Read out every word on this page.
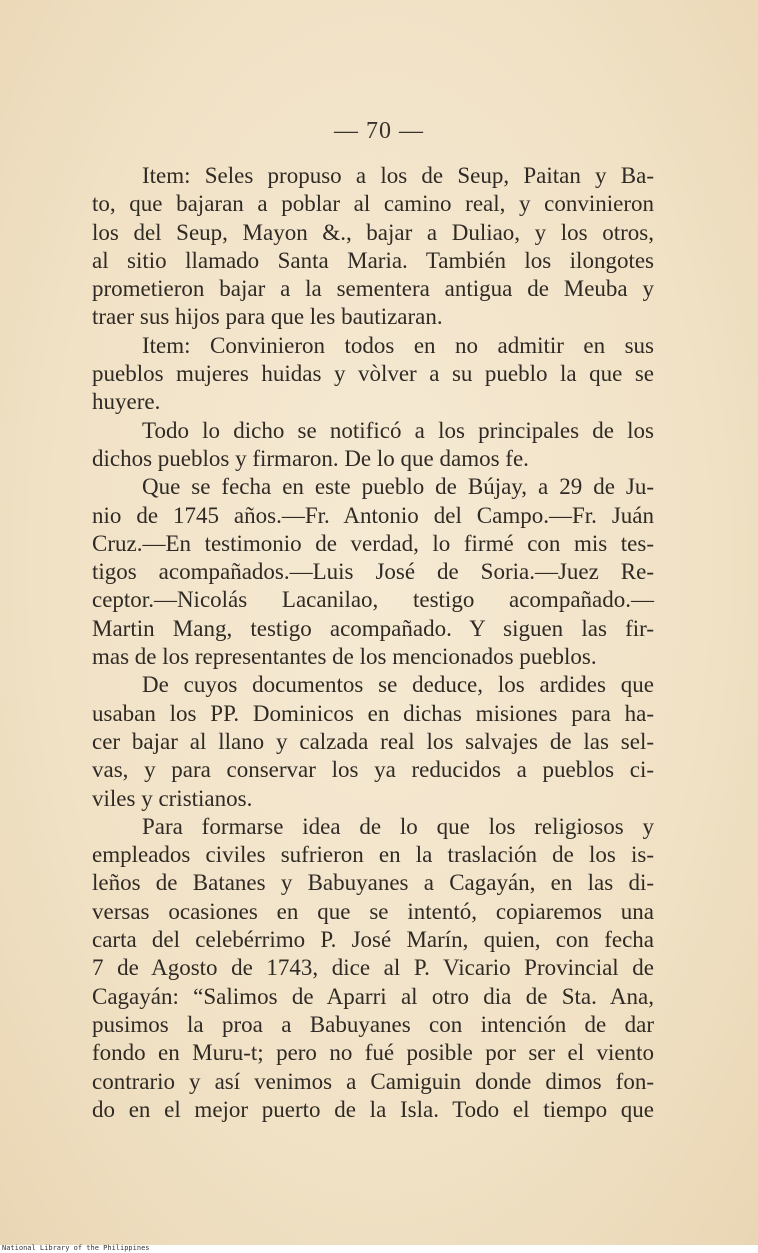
— 70 —
Item: Seles propuso a los de Seup, Paitan y Ba-
to, que bajaran a poblar al camino real, y convinieron
los del Seup, Mayon &., bajar a Duliao, y los otros,
al sitio llamado Santa Maria. También los ilongotes
prometieron bajar a la sementera antigua de Meuba y
traer sus hijos para que les bautizaran.
Item: Convinieron todos en no admitir en sus
pueblos mujeres huidas y vòlver a su pueblo la que se
huyere.
Todo lo dicho se notificó a los principales de los
dichos pueblos y firmaron. De lo que damos fe.
Que se fecha en este pueblo de Bújay, a 29 de Ju-
nio de 1745 años.—Fr. Antonio del Campo.—Fr. Juán
Cruz.—En testimonio de verdad, lo firmé con mis tes-
tigos acompañados.—Luis José de Soria.—Juez Re-
ceptor.—Nicolás Lacanilao, testigo acompañado.—
Martin Mang, testigo acompañado. Y siguen las fir-
mas de los representantes de los mencionados pueblos.
De cuyos documentos se deduce, los ardides que
usaban los PP. Dominicos en dichas misiones para ha-
cer bajar al llano y calzada real los salvajes de las sel-
vas, y para conservar los ya reducidos a pueblos ci-
viles y cristianos.
Para formarse idea de lo que los religiosos y
empleados civiles sufrieron en la traslación de los is-
leños de Batanes y Babuyanes a Cagayán, en las di-
versas ocasiones en que se intentó, copiaremos una
carta del celebérrimo P. José Marín, quien, con fecha
7 de Agosto de 1743, dice al P. Vicario Provincial de
Cagayán: “Salimos de Aparri al otro dia de Sta. Ana,
pusimos la proa a Babuyanes con intención de dar
fondo en Muru-t; pero no fué posible por ser el viento
contrario y así venimos a Camiguin donde dimos fon-
do en el mejor puerto de la Isla. Todo el tiempo que
National Library of the Philippines
